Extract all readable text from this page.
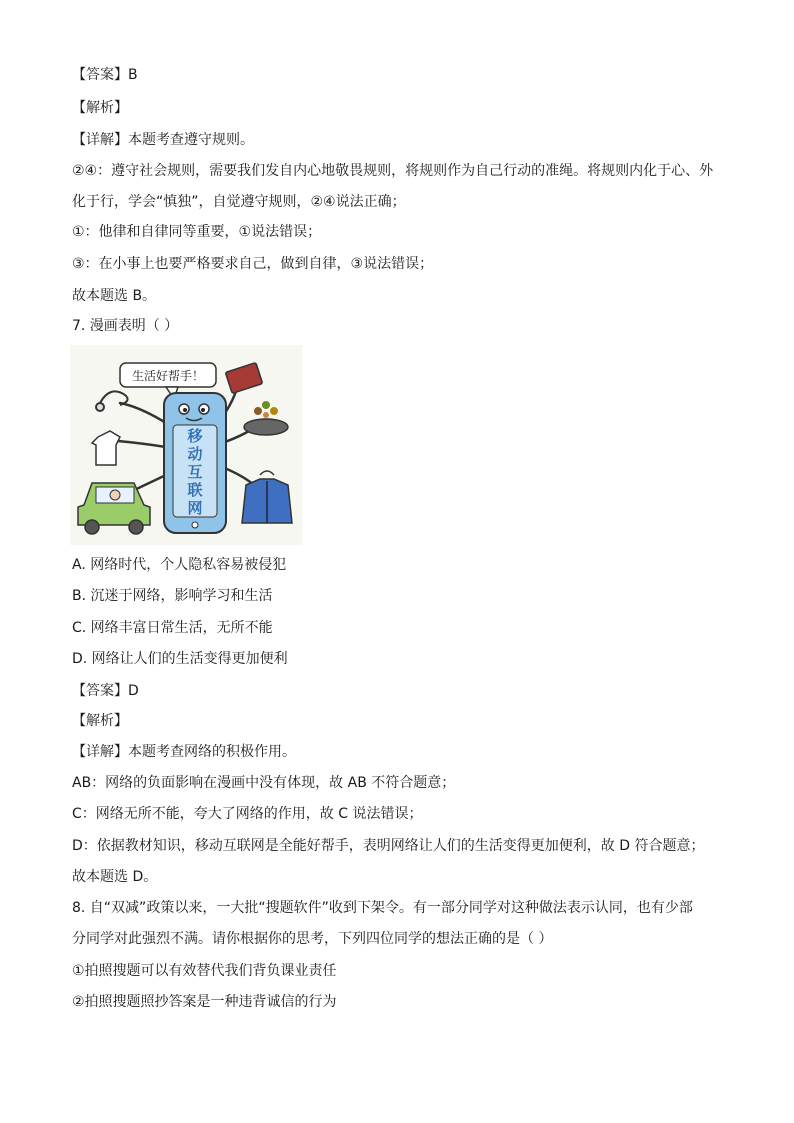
【答案】B
【解析】
【详解】本题考查遵守规则。
②④：遵守社会规则，需要我们发自内心地敬畏规则，将规则作为自己行动的准绳。将规则内化于心、外
化于行，学会“慎独”，自觉遵守规则，②④说法正确；
①：他律和自律同等重要，①说法错误；
③：在小事上也要严格要求自己，做到自律，③说法错误；
故本题选 B。
7. 漫画表明（ ）
生活好帮手！
移
动
互
联
网
A. 网络时代，个人隐私容易被侵犯
B. 沉迷于网络，影响学习和生活
C. 网络丰富日常生活，无所不能
D. 网络让人们的生活变得更加便利
【答案】D
【解析】
【详解】本题考查网络的积极作用。
AB：网络的负面影响在漫画中没有体现，故 AB 不符合题意；
C：网络无所不能，夸大了网络的作用，故 C 说法错误；
D：依据教材知识，移动互联网是全能好帮手，表明网络让人们的生活变得更加便利，故 D 符合题意；
故本题选 D。
8. 自“双减”政策以来，一大批“搜题软件”收到下架令。有一部分同学对这种做法表示认同，也有少部
分同学对此强烈不满。请你根据你的思考，下列四位同学的想法正确的是（ ）
①拍照搜题可以有效替代我们背负课业责任
②拍照搜题照抄答案是一种违背诚信的行为
